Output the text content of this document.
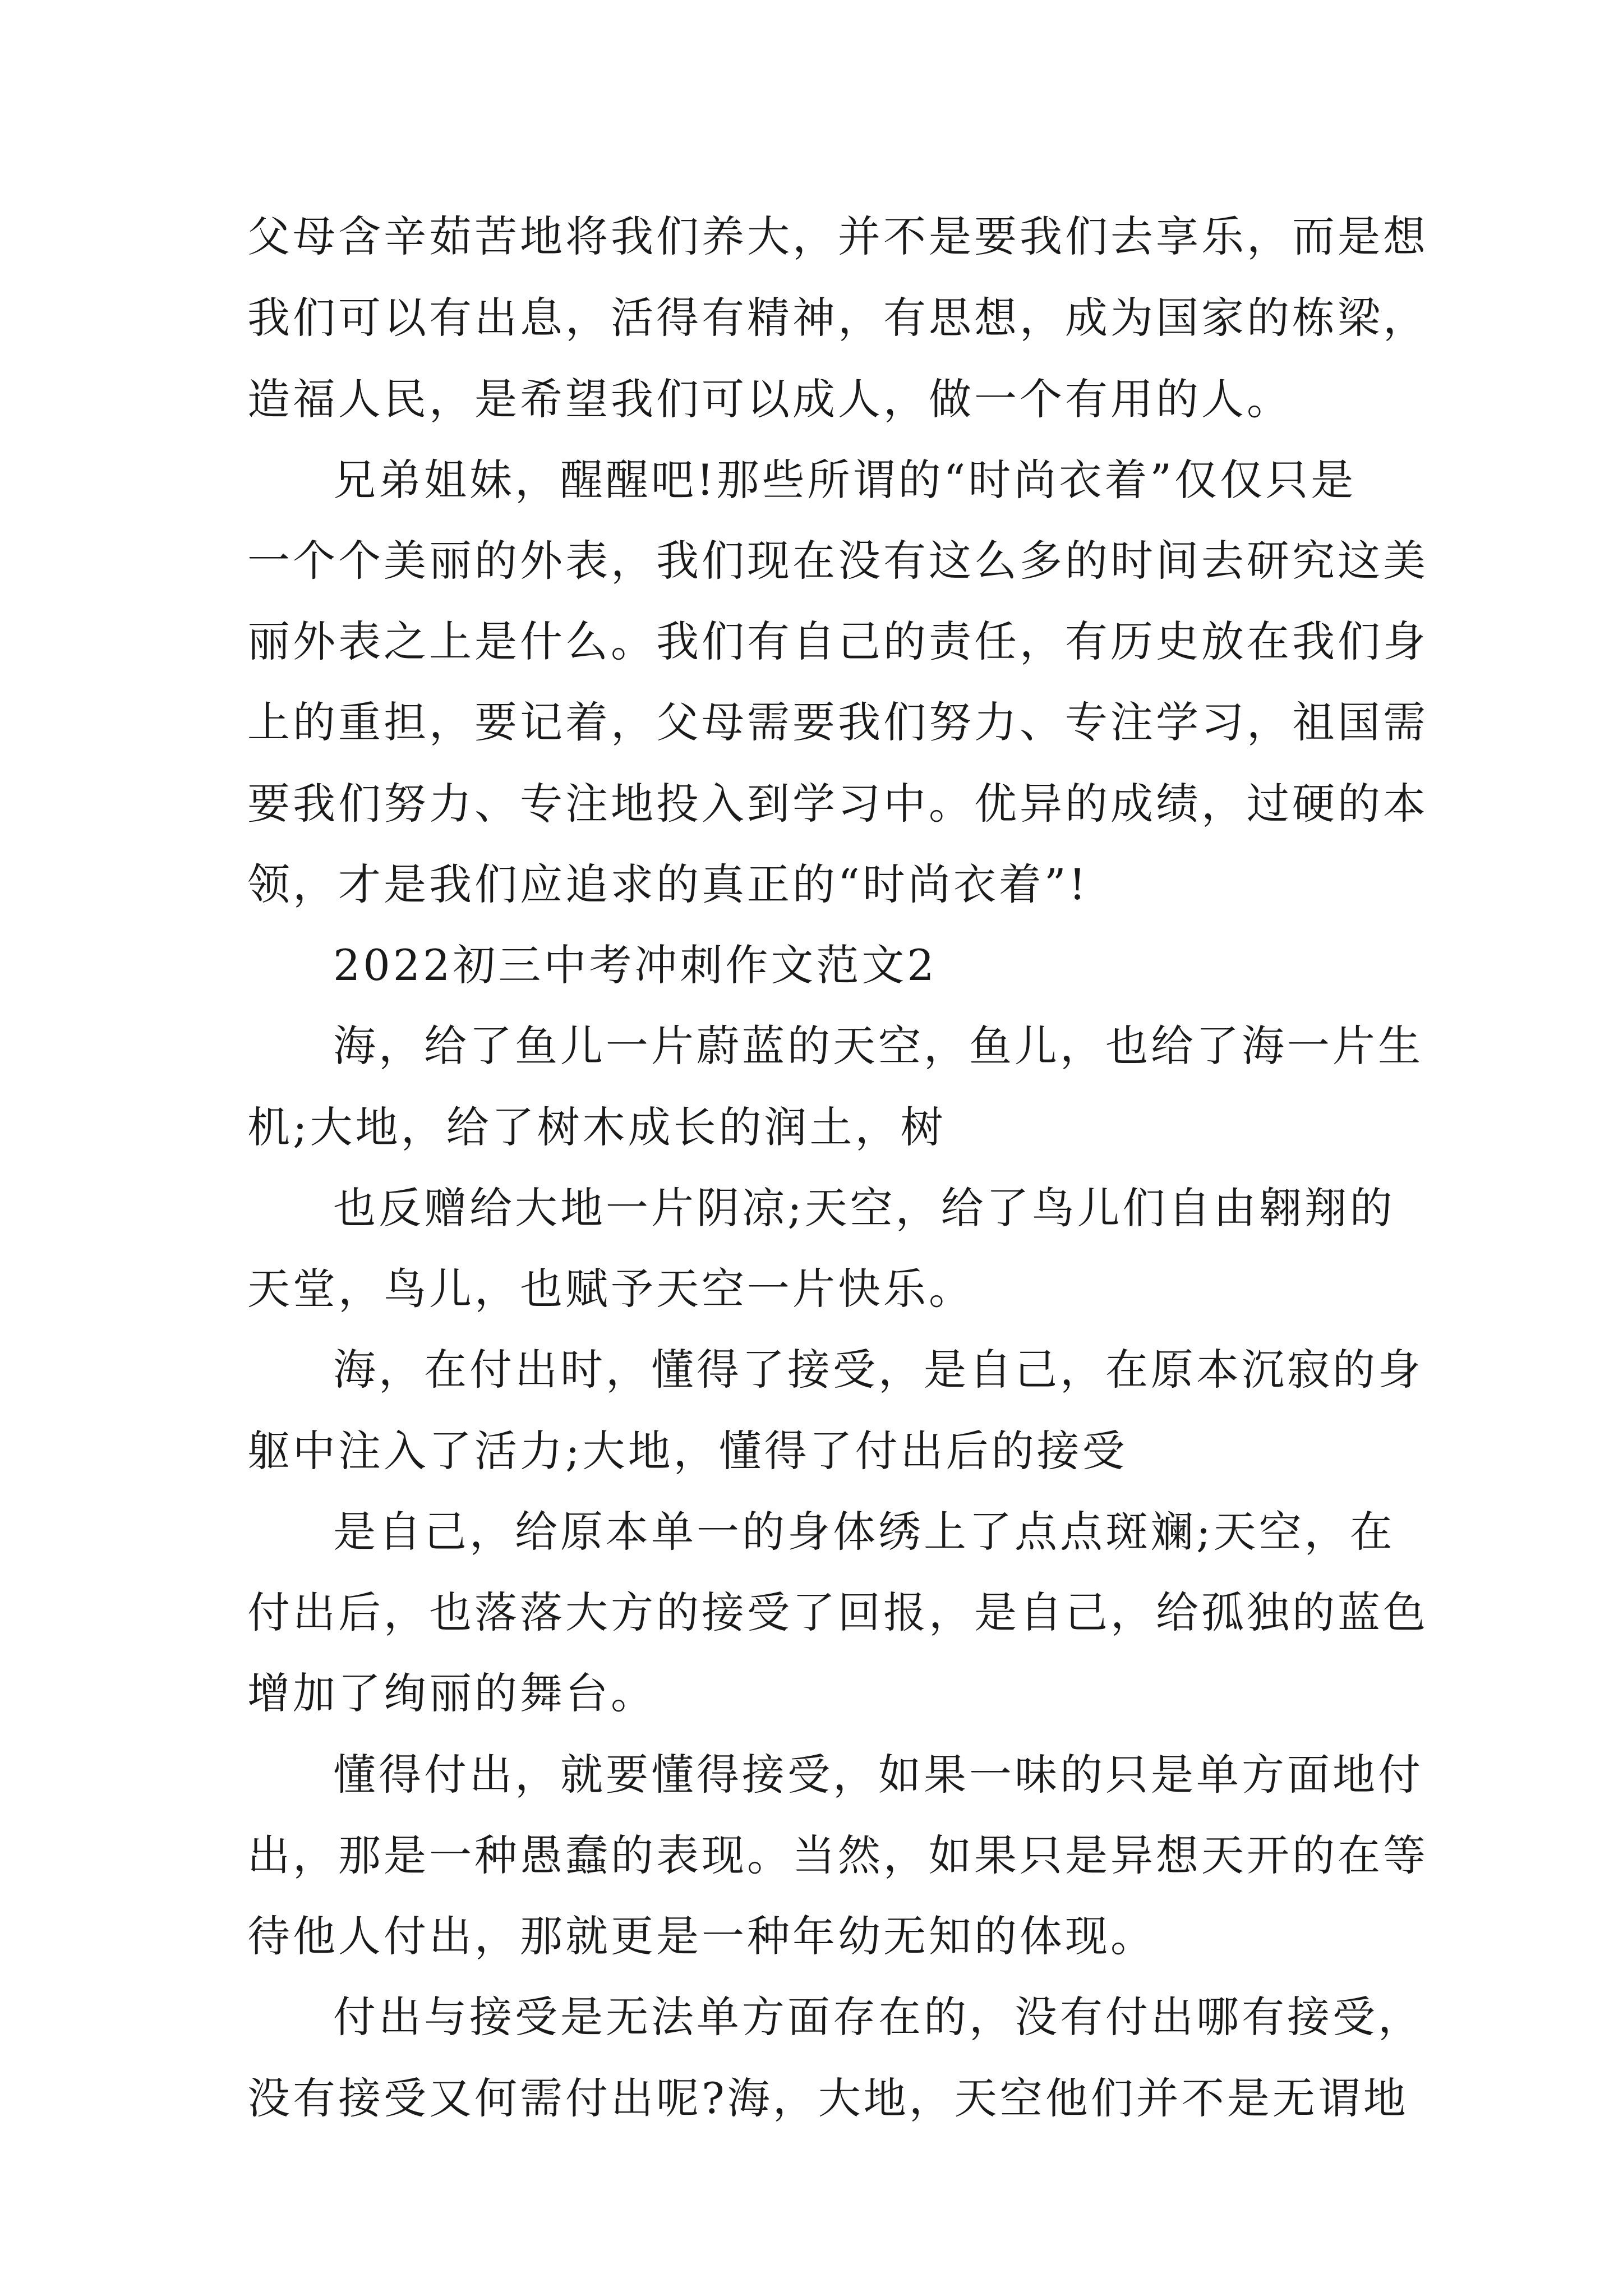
父母含辛茹苦地将我们养大，并不是要我们去享乐，而是想
我们可以有出息，活得有精神，有思想，成为国家的栋梁，
造福人民，是希望我们可以成人，做一个有用的人。
兄弟姐妹，醒醒吧!那些所谓的“时尚衣着”仅仅只是
一个个美丽的外表，我们现在没有这么多的时间去研究这美
丽外表之上是什么。我们有自己的责任，有历史放在我们身
上的重担，要记着，父母需要我们努力、专注学习，祖国需
要我们努力、专注地投入到学习中。优异的成绩，过硬的本
领，才是我们应追求的真正的“时尚衣着”!
2022初三中考冲刺作文范文2
海，给了鱼儿一片蔚蓝的天空，鱼儿，也给了海一片生
机;大地，给了树木成长的润土，树
也反赠给大地一片阴凉;天空，给了鸟儿们自由翱翔的
天堂，鸟儿，也赋予天空一片快乐。
海，在付出时，懂得了接受，是自己，在原本沉寂的身
躯中注入了活力;大地，懂得了付出后的接受
是自己，给原本单一的身体绣上了点点斑斓;天空，在
付出后，也落落大方的接受了回报，是自己，给孤独的蓝色
增加了绚丽的舞台。
懂得付出，就要懂得接受，如果一味的只是单方面地付
出，那是一种愚蠢的表现。当然，如果只是异想天开的在等
待他人付出，那就更是一种年幼无知的体现。
付出与接受是无法单方面存在的，没有付出哪有接受，
没有接受又何需付出呢?海，大地，天空他们并不是无谓地
